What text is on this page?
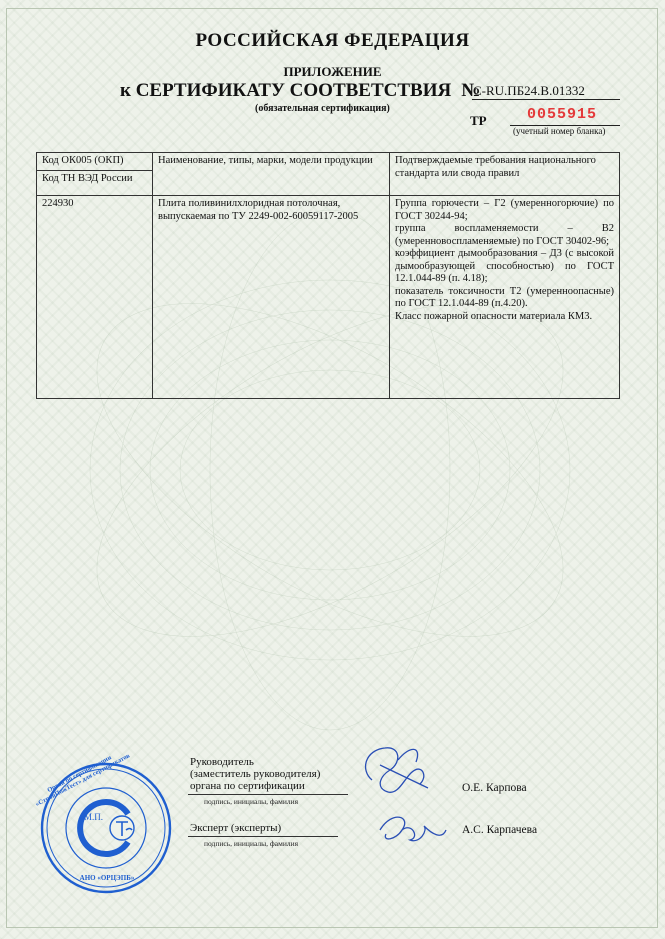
РОССИЙСКАЯ ФЕДЕРАЦИЯ
ПРИЛОЖЕНИЕ
к СЕРТИФИКАТУ СООТВЕТСТВИЯ №
C-RU.ПБ24.В.01332
(обязательная сертификация)
ТР	0055915
(учетный номер бланка)
Код ОК005 (ОКП)
Код ТН ВЭД России	Наименование, типы, марки, модели продукции	Подтверждаемые требования национального стандарта или свода правил
224930	Плита поливинилхлоридная потолочная, выпускаемая по ТУ 2249-002-60059117-2005	Группа горючести – Г2 (умеренногорючие) по ГОСТ 30244-94;
группа воспламеняемости – В2 (умеренновоспламеняемые) по ГОСТ 30402-96;
коэффициент дымообразования – Д3 (с высокой дымообразующей способностью) по ГОСТ 12.1.044-89 (п. 4.18);
показатель токсичности Т2 (умеренноопасные) по ГОСТ 12.1.044-89 (п.4.20).
Класс пожарной опасности материала КМ3.
Руководитель
(заместитель руководителя)
органа по сертификации
подпись, инициалы, фамилия
О.Е. Карпова
Эксперт (эксперты)
подпись, инициалы, фамилия
А.С. Карпачева
М.П.
Орган по сертификации «СтройПожТест» для сертификатов
АНО «ОРЦЭПБ»
